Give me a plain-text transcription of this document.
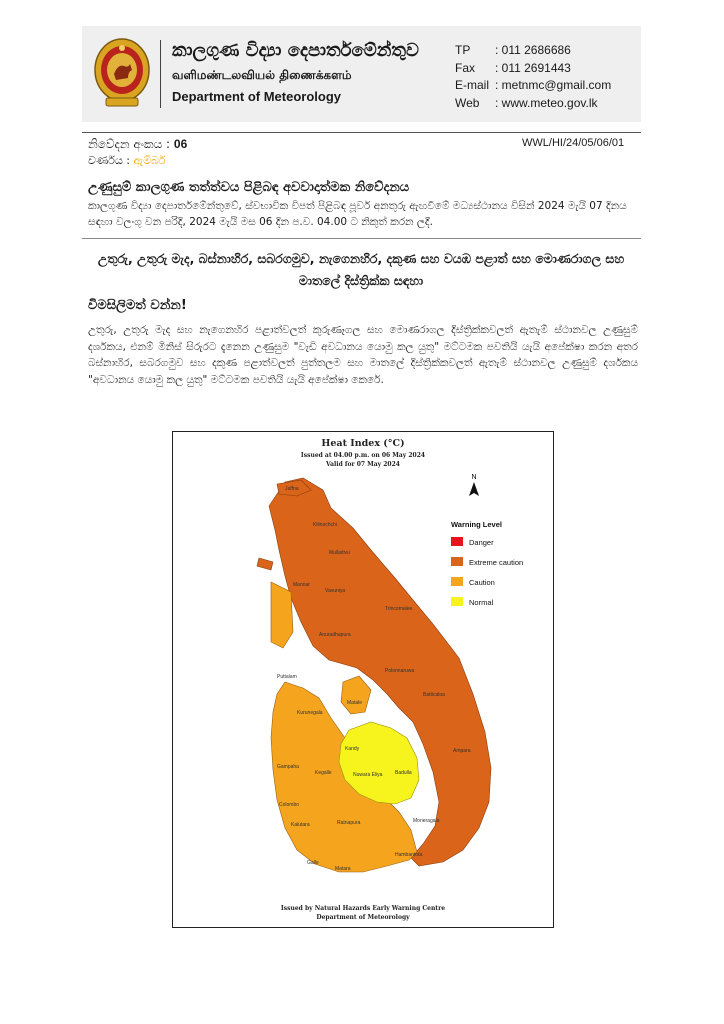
කාලගුණ විද්‍යා දෙපාර්තමේන්තුව
வளிமண்டலவியல் திணைக்களம்
Department of Meteorology
TP	: 011 2686686
Fax	: 011 2691443
E-mail : metnmc@gmail.com
Web	: www.meteo.gov.lk
නිවේදන අංකය : 06
වර්ණය : ඇම්බර්
WWL/HI/24/05/06/01
උණුසුම් කාලගුණ තත්ත්වය පිළිබඳ අවවාදාත්මක නිවේදනය
කාලගුණ විද්‍යා දෙපාර්තමේන්තුවේ, ස්වභාවික විපත් පිළිබඳ පූර්ව අනතුරු ඇඟවීමේ මධ්‍යස්ථානය විසින් 2024 මැයි 07 දිනය සඳහා වලංගු වන පරිදි, 2024 මැයි මස 06 දින ප.ව. 04.00 ට නිකුත් කරන ලදී.
උතුරු, උතුරු මැද, බස්නාහිර, සබරගමුව, නැගෙනහිර, දකුණ සහ වයඹ පළාත් සහ මොණරාගල සහ මාතලේ දිස්ත්‍රික්ක සඳහා
විමසිලිමත් වන්න!
උතුරු, උතුරු මැද සහ නැගෙනහිර පළාත්වලත් කුරුණෑගල සහ මොණරාගල දිස්ත්‍රික්කවලත් ඇතැම් ස්ථානවල උණුසුම් දර්ශකය, එනම් මිනිස් සිරුරට දැනෙන උණුසුම "වැඩි අවධානය යොමු කල යුතු" මට්ටමක පවතියි යැයි අපේක්ෂා කරන අතර බස්නාහිර, සබරගමුව සහ දකුණ පළාත්වලත් පුත්තලම සහ මාතලේ දිස්ත්‍රික්කවලත් ඇතැම් ස්ථානවල උණුසුම් දර්ශකය "අවධානය යොමු කල යුතු" මට්ටමක පවතියි යැයි අපේක්ෂා කෙරේ.
Heat Index (°C)
Issued at 04.00 p.m. on 06 May 2024
Valid for 07 May 2024
N
Jaffna
Kilinochchi
Mullaitivu
Mannar
Vavuniya
Trincomalee
Anuradhapura
Puttalam
Polonnaruwa
Batticaloa
Kurunegala
Matale
Ampara
Kandy
Gampaha
Kegalle	Badulla
Nuwara Eliya
Colombo
Moneragala
Kalutara	Ratnapura
Hambantota
Galle
Matara
Warning Level
Danger
Extreme caution
Caution
Normal
Issued by Natural Hazards Early Warning Centre
Department of Meteorology
